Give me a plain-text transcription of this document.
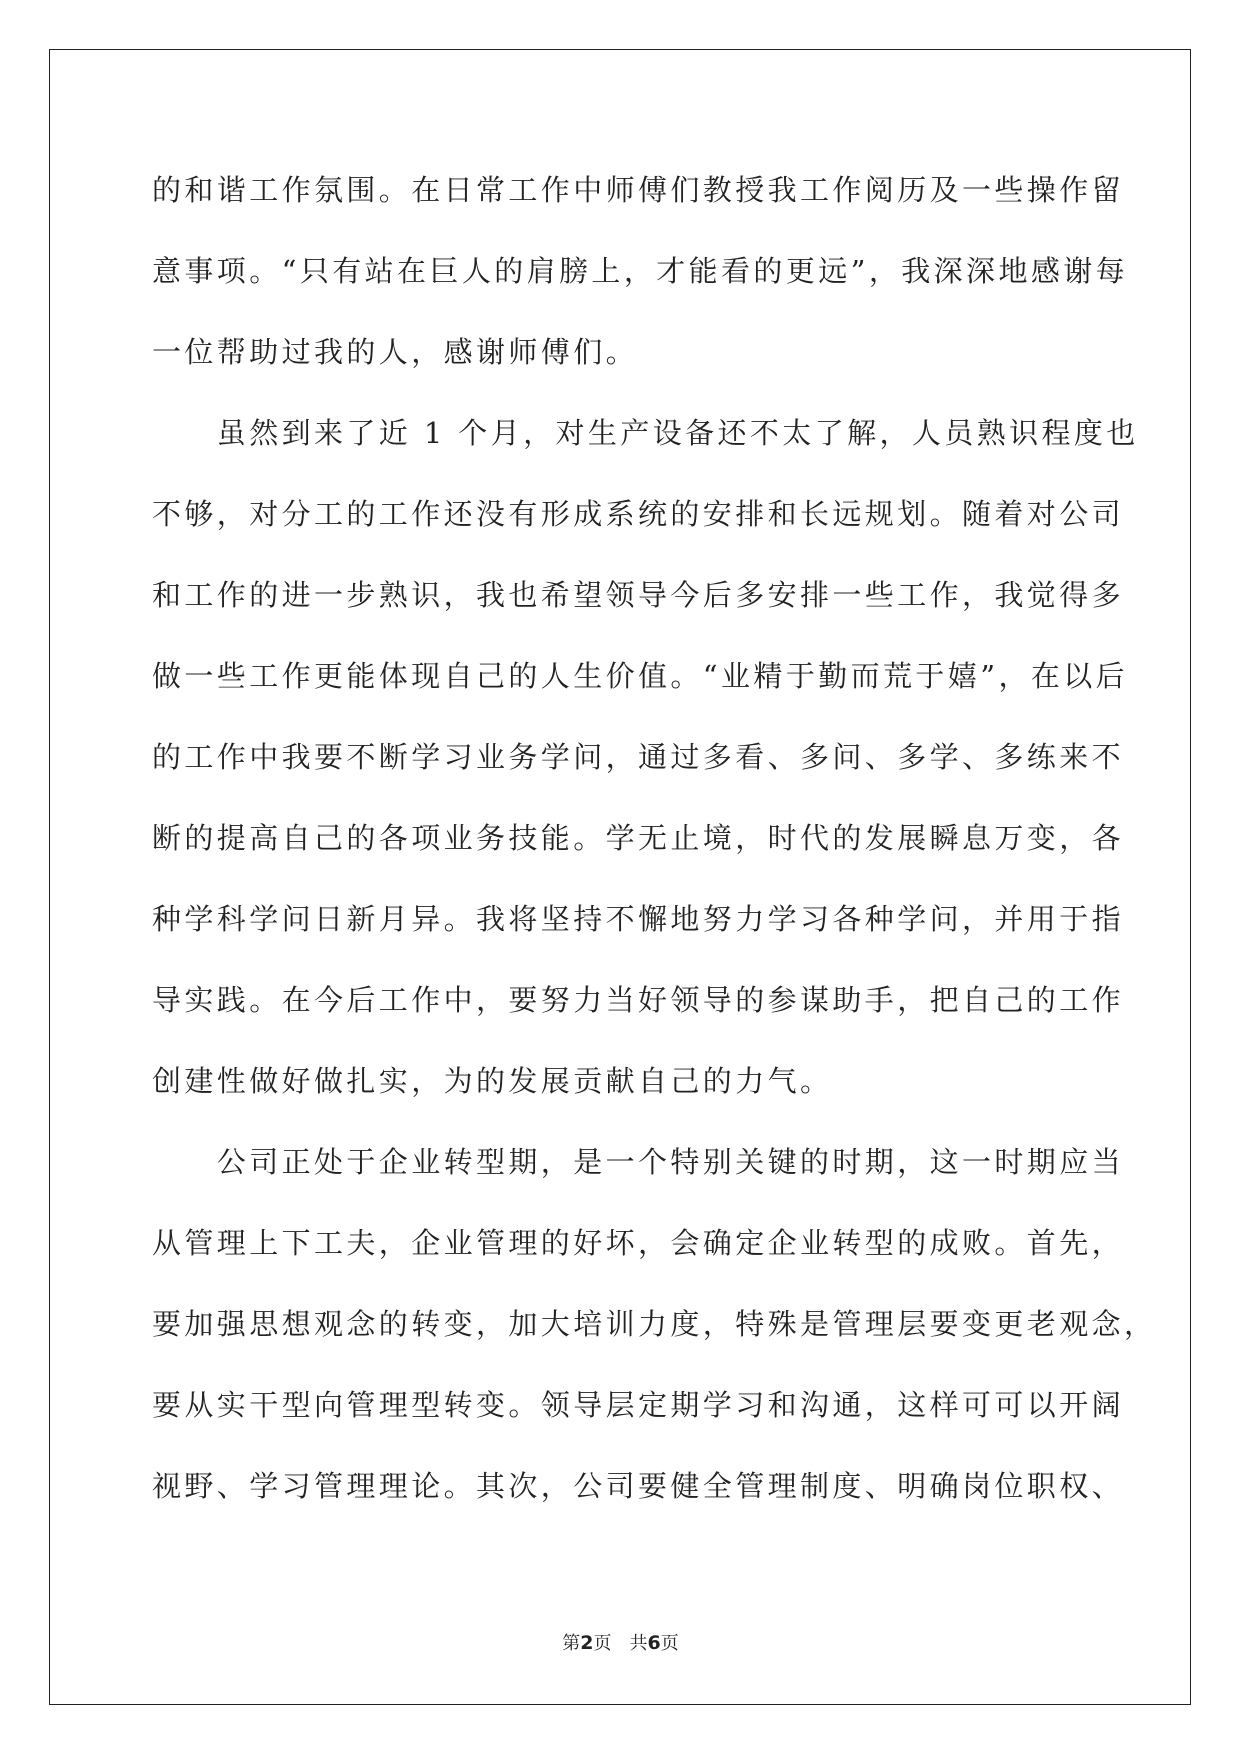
的和谐工作氛围。在日常工作中师傅们教授我工作阅历及一些操作留
意事项。“只有站在巨人的肩膀上，才能看的更远”，我深深地感谢每
一位帮助过我的人，感谢师傅们。
　　虽然到来了近 1 个月，对生产设备还不太了解，人员熟识程度也
不够，对分工的工作还没有形成系统的安排和长远规划。随着对公司
和工作的进一步熟识，我也希望领导今后多安排一些工作，我觉得多
做一些工作更能体现自己的人生价值。“业精于勤而荒于嬉”，在以后
的工作中我要不断学习业务学问，通过多看、多问、多学、多练来不
断的提高自己的各项业务技能。学无止境，时代的发展瞬息万变，各
种学科学问日新月异。我将坚持不懈地努力学习各种学问，并用于指
导实践。在今后工作中，要努力当好领导的参谋助手，把自己的工作
创建性做好做扎实，为的发展贡献自己的力气。
　　公司正处于企业转型期，是一个特别关键的时期，这一时期应当
从管理上下工夫，企业管理的好坏，会确定企业转型的成败。首先，
要加强思想观念的转变，加大培训力度，特殊是管理层要变更老观念，
要从实干型向管理型转变。领导层定期学习和沟通，这样可可以开阔
视野、学习管理理论。其次，公司要健全管理制度、明确岗位职权、
第2页　共6页
